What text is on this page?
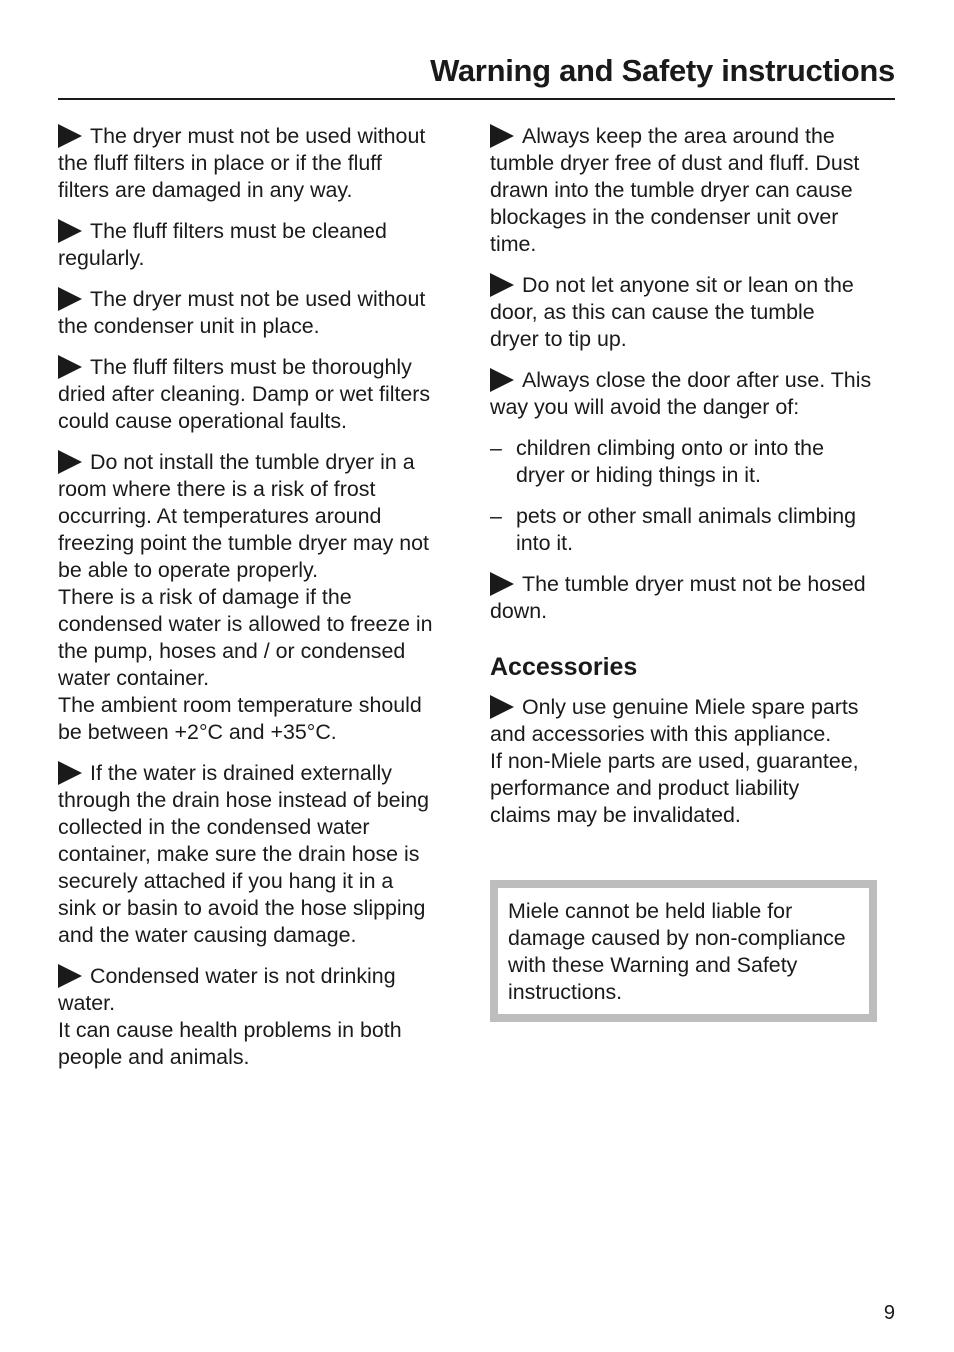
Warning and Safety instructions
The dryer must not be used without
the fluff filters in place or if the fluff
filters are damaged in any way.
The fluff filters must be cleaned
regularly.
The dryer must not be used without
the condenser unit in place.
The fluff filters must be thoroughly
dried after cleaning. Damp or wet filters
could cause operational faults.
Do not install the tumble dryer in a
room where there is a risk of frost
occurring. At temperatures around
freezing point the tumble dryer may not
be able to operate properly.
There is a risk of damage if the
condensed water is allowed to freeze in
the pump, hoses and / or condensed
water container.
The ambient room temperature should
be between +2°C and +35°C.
If the water is drained externally
through the drain hose instead of being
collected in the condensed water
container, make sure the drain hose is
securely attached if you hang it in a
sink or basin to avoid the hose slipping
and the water causing damage.
Condensed water is not drinking
water.
It can cause health problems in both
people and animals.
Always keep the area around the
tumble dryer free of dust and fluff. Dust
drawn into the tumble dryer can cause
blockages in the condenser unit over
time.
Do not let anyone sit or lean on the
door, as this can cause the tumble
dryer to tip up.
Always close the door after use. This
way you will avoid the danger of:
– children climbing onto or into the
dryer or hiding things in it.
– pets or other small animals climbing
into it.
The tumble dryer must not be hosed
down.
Accessories
Only use genuine Miele spare parts
and accessories with this appliance.
If non-Miele parts are used, guarantee,
performance and product liability
claims may be invalidated.
Miele cannot be held liable for
damage caused by non-compliance
with these Warning and Safety
instructions.
9
